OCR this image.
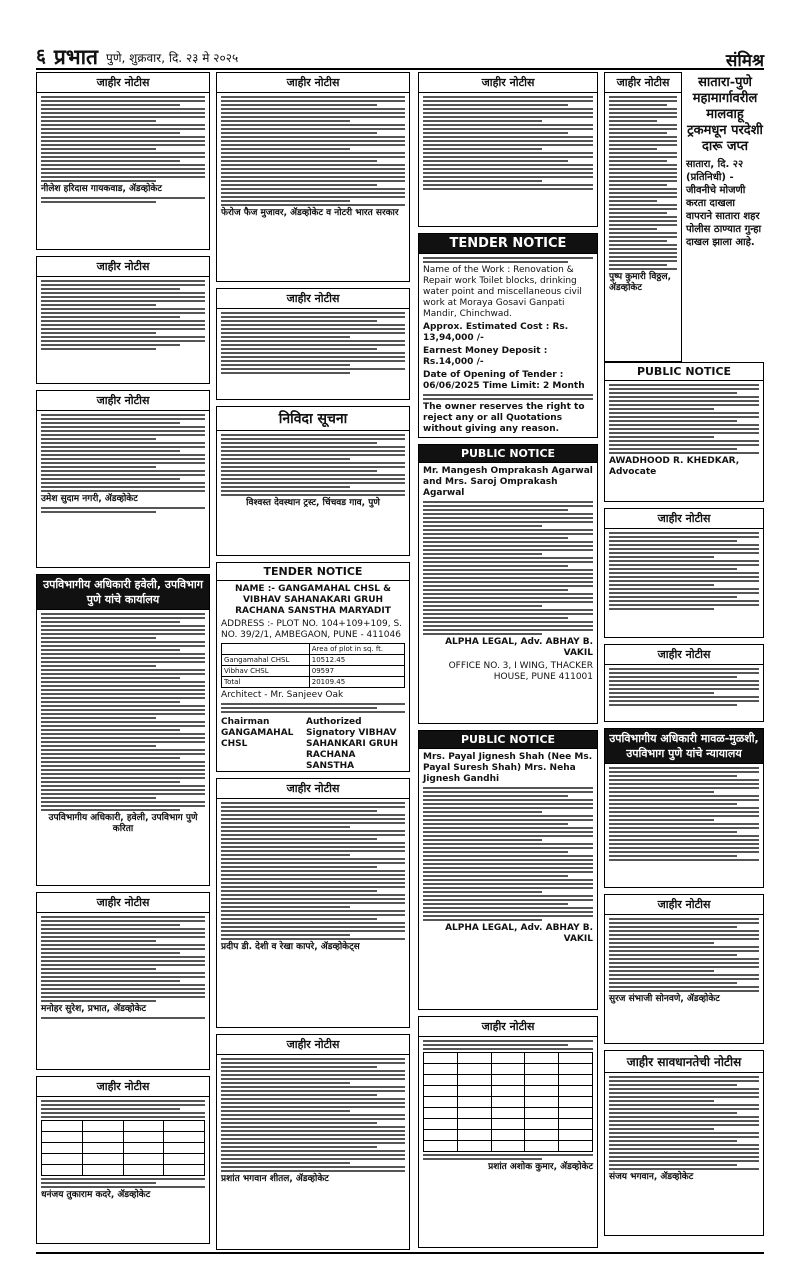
६ प्रभात पुणे, शुक्रवार, दि. २३ मे २०२५	संमिश्र
जाहीर नोटीस
नीलेश हरिदास गायकवाड, ॲडव्होकेट
जाहीर नोटीस
जाहीर नोटीस
उमेश सुदाम नगरी, ॲडव्होकेट
उपविभागीय अधिकारी हवेली, उपविभाग पुणे यांचे कार्यालय
उपविभागीय अधिकारी, हवेली, उपविभाग पुणे करिता
जाहीर नोटीस
मनोहर सुरेश, प्रभात, ॲडव्होकेट
जाहीर नोटीस

धनंजय तुकाराम कदरे, ॲडव्होकेट
जाहीर नोटीस
फेरोज फैज मुजावर, ॲडव्होकेट व नोटरी भारत सरकार
जाहीर नोटीस
निविदा सूचना
विश्वस्त देवस्थान ट्रस्ट, चिंचवड गाव, पुणे
TENDER NOTICE
NAME :- GANGAMAHAL CHSL & VIBHAV SAHANAKARI GRUH RACHANA SANSTHA MARYADIT
ADDRESS :- PLOT NO. 104+109+109, S. NO. 39/2/1, AMBEGAON, PUNE - 411046
	Area of plot in sq. ft.
Gangamahal CHSL	10512.45
Vibhav CHSL	09597
Total	20109.45
Architect - Mr. Sanjeev Oak
Chairman GANGAMAHAL CHSL
Authorized Signatory VIBHAV SAHANKARI GRUH RACHANA SANSTHA
जाहीर नोटीस
प्रदीप डी. देशी व रेखा कापरे, ॲडव्होकेट्स
जाहीर नोटीस
प्रशांत भगवान शीतल, ॲडव्होकेट
जाहीर नोटीस
TENDER NOTICE
Name of the Work : Renovation & Repair work Toilet blocks, drinking water point and miscellaneous civil work at Moraya Gosavi Ganpati Mandir, Chinchwad.
Approx. Estimated Cost : Rs. 13,94,000 /-
Earnest Money Deposit : Rs.14,000 /-
Date of Opening of Tender : 06/06/2025 Time Limit: 2 Month
The owner reserves the right to reject any or all Quotations without giving any reason.
PUBLIC NOTICE
Mr. Mangesh Omprakash Agarwal and Mrs. Saroj Omprakash Agarwal
ALPHA LEGAL, Adv. ABHAY B. VAKIL
OFFICE NO. 3, I WING, THACKER HOUSE, PUNE 411001
PUBLIC NOTICE
Mrs. Payal Jignesh Shah (Nee Ms. Payal Suresh Shah) Mrs. Neha Jignesh Gandhi
ALPHA LEGAL, Adv. ABHAY B. VAKIL
जाहीर नोटीस

प्रशांत अशोक कुमार, ॲडव्होकेट
जाहीर नोटीस
पुष्प कुमारी विठ्ठल, ॲडव्होकेट
सातारा-पुणे महामार्गावरील मालवाहू ट्रकमधून परदेशी दारू जप्त
सातारा, दि. २२ (प्रतिनिधी) - जीवनीचे मोजणी करता दाखला वापराने सातारा शहर पोलीस ठाण्यात गुन्हा दाखल झाला आहे.
PUBLIC NOTICE
AWADHOOD R. KHEDKAR, Advocate
जाहीर नोटीस
जाहीर नोटीस
उपविभागीय अधिकारी मावळ-मुळशी, उपविभाग पुणे यांचे न्यायालय
जाहीर नोटीस
सुरज संभाजी सोनवणे, ॲडव्होकेट
जाहीर सावधानतेची नोटीस
संजय भगवान, ॲडव्होकेट
